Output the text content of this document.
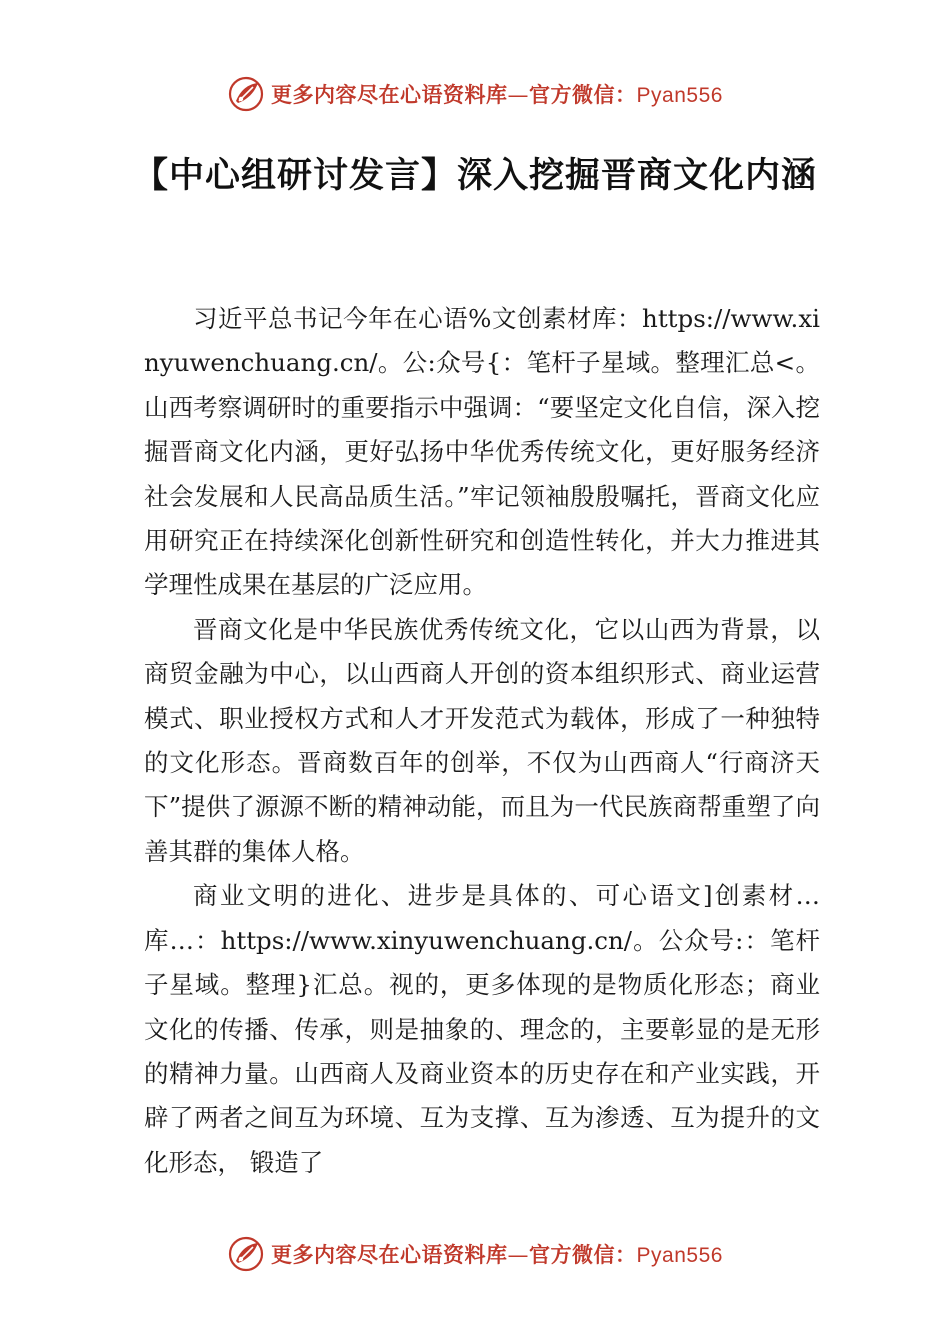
更多内容尽在心语资料库—官方微信：Pyan556
【中心组研讨发言】深入挖掘晋商文化内涵

习近平总书记今年在心语%文创素材库：https://www.xinyuwenchuang.cn/。公:众号{：笔杆子星域。整理汇总<。山西考察调研时的重要指示中强调：“要坚定文化自信，深入挖掘晋商文化内涵，更好弘扬中华优秀传统文化，更好服务经济社会发展和人民高品质生活。”牢记领袖殷殷嘱托，晋商文化应用研究正在持续深化创新性研究和创造性转化，并大力推进其学理性成果在基层的广泛应用。

晋商文化是中华民族优秀传统文化，它以山西为背景，以商贸金融为中心，以山西商人开创的资本组织形式、商业运营模式、职业授权方式和人才开发范式为载体，形成了一种独特的文化形态。晋商数百年的创举，不仅为山西商人“行商济天下”提供了源源不断的精神动能，而且为一代民族商帮重塑了向善其群的集体人格。

商业文明的进化、进步是具体的、可心语文]创素材…库…：https://www.xinyuwenchuang.cn/。公众号:：笔杆子星域。整理}汇总。视的，更多体现的是物质化形态；商业文化的传播、传承，则是抽象的、理念的，主要彰显的是无形的精神力量。山西商人及商业资本的历史存在和产业实践，开辟了两者之间互为环境、互为支撑、互为渗透、互为提升的文化形态， 锻造了

更多内容尽在心语资料库—官方微信：Pyan556
